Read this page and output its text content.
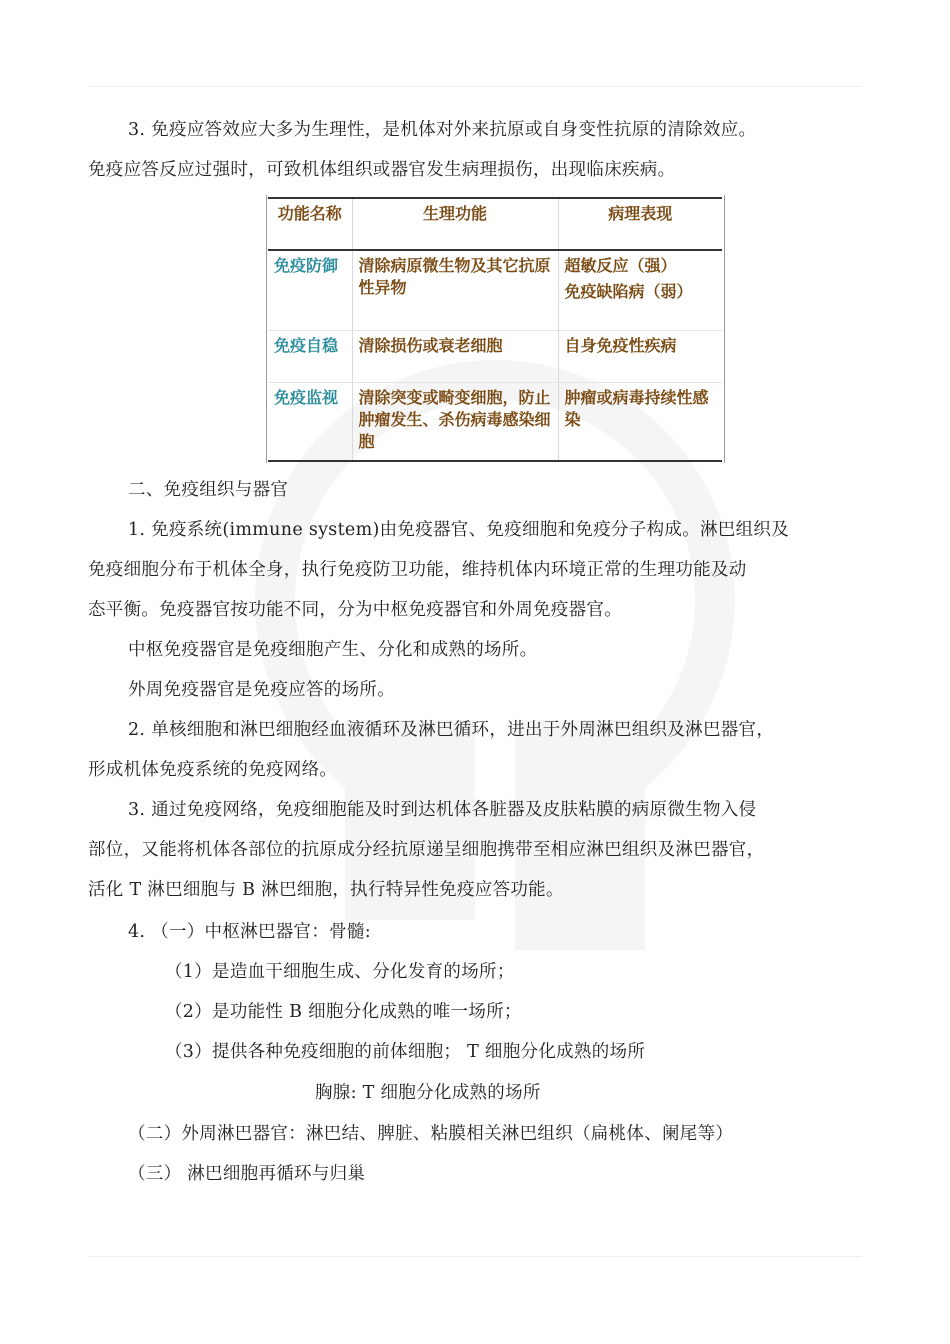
3. 免疫应答效应大多为生理性，是机体对外来抗原或自身变性抗原的清除效应。
免疫应答反应过强时，可致机体组织或器官发生病理损伤，出现临床疾病。
功能名称	生理功能	病理表现
免疫防御	清除病原微生物及其它抗原性异物	超敏反应（强）
免疫缺陷病（弱）

免疫自稳	清除损伤或衰老细胞	自身免疫性疾病
免疫监视	清除突变或畸变细胞，防止肿瘤发生、杀伤病毒感染细胞	肿瘤或病毒持续性感染
二、免疫组织与器官
1. 免疫系统(immune system)由免疫器官、免疫细胞和免疫分子构成。淋巴组织及
免疫细胞分布于机体全身，执行免疫防卫功能，维持机体内环境正常的生理功能及动
态平衡。免疫器官按功能不同，分为中枢免疫器官和外周免疫器官。
中枢免疫器官是免疫细胞产生、分化和成熟的场所。
外周免疫器官是免疫应答的场所。
2. 单核细胞和淋巴细胞经血液循环及淋巴循环，进出于外周淋巴组织及淋巴器官，
形成机体免疫系统的免疫网络。
3. 通过免疫网络，免疫细胞能及时到达机体各脏器及皮肤粘膜的病原微生物入侵
部位，又能将机体各部位的抗原成分经抗原递呈细胞携带至相应淋巴组织及淋巴器官，
活化 T 淋巴细胞与 B 淋巴细胞，执行特异性免疫应答功能。
4. （一）中枢淋巴器官：骨髓:
（1）是造血干细胞生成、分化发育的场所；
（2）是功能性 B 细胞分化成熟的唯一场所；
（3）提供各种免疫细胞的前体细胞； T 细胞分化成熟的场所
胸腺: T 细胞分化成熟的场所
（二）外周淋巴器官：淋巴结、脾脏、粘膜相关淋巴组织（扁桃体、阑尾等）
（三） 淋巴细胞再循环与归巢
